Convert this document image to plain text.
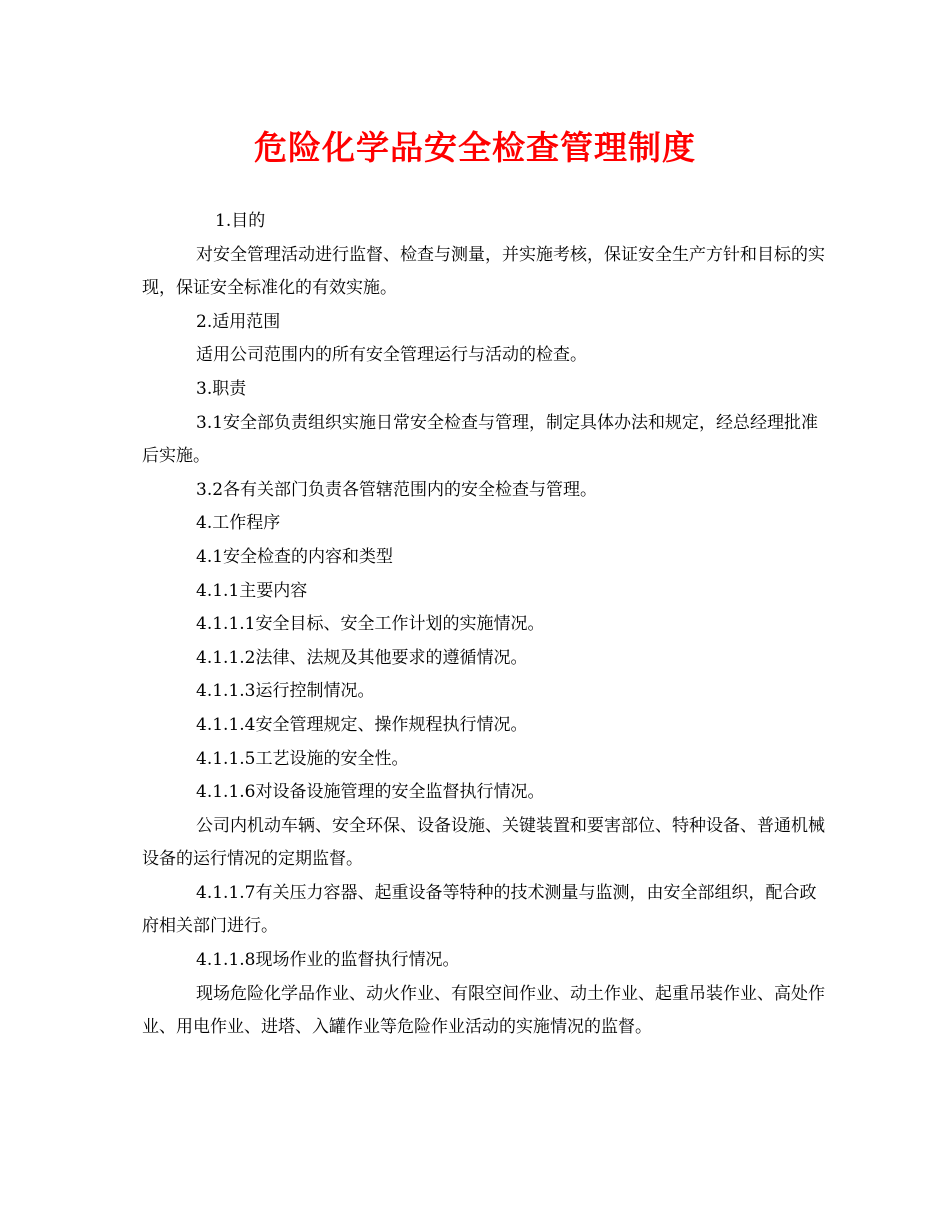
危险化学品安全检查管理制度

1.目的

对安全管理活动进行监督、检查与测量，并实施考核，保证安全生产方针和目标的实现，保证安全标准化的有效实施。

2.适用范围

适用公司范围内的所有安全管理运行与活动的检查。

3.职责

3.1安全部负责组织实施日常安全检查与管理，制定具体办法和规定，经总经理批准后实施。

3.2各有关部门负责各管辖范围内的安全检查与管理。

4.工作程序

4.1安全检查的内容和类型

4.1.1主要内容

4.1.1.1安全目标、安全工作计划的实施情况。

4.1.1.2法律、法规及其他要求的遵循情况。

4.1.1.3运行控制情况。

4.1.1.4安全管理规定、操作规程执行情况。

4.1.1.5工艺设施的安全性。

4.1.1.6对设备设施管理的安全监督执行情况。

公司内机动车辆、安全环保、设备设施、关键装置和要害部位、特种设备、普通机械设备的运行情况的定期监督。

4.1.1.7有关压力容器、起重设备等特种的技术测量与监测，由安全部组织，配合政府相关部门进行。

4.1.1.8现场作业的监督执行情况。

现场危险化学品作业、动火作业、有限空间作业、动土作业、起重吊装作业、高处作业、用电作业、进塔、入罐作业等危险作业活动的实施情况的监督。
